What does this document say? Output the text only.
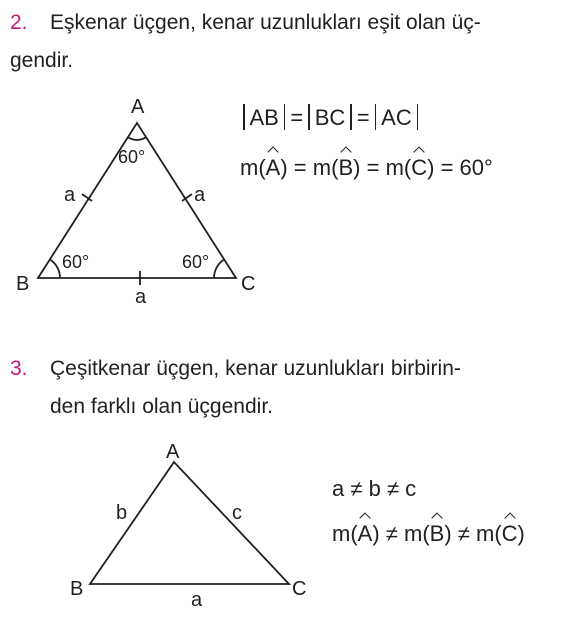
2. Eşkenar üçgen, kenar uzunlukları eşit olan üç-
gendir.
3. Çeşitkenar üçgen, kenar uzunlukları birbirin-
den farklı olan üçgendir.
A
B	C
a	a
a
60°
60°	60°
A
B	C
b	c
a
AB = BC = AC
m(A) = m(B) = m(C) = 60°
a ≠ b ≠ c
m(A) ≠ m(B) ≠ m(C)
